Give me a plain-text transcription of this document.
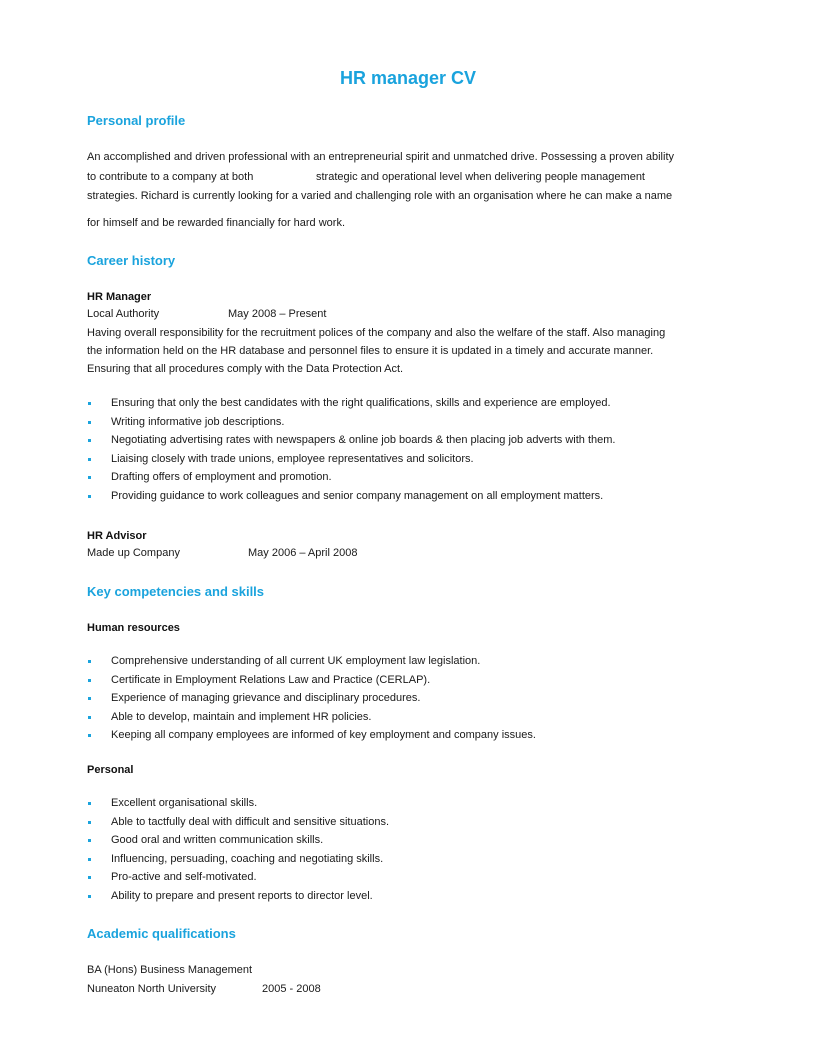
HR manager CV
Personal profile
An accomplished and driven professional with an entrepreneurial spirit and unmatched drive. Possessing a proven ability
to contribute to a company at both	strategic and operational level when delivering people management
strategies. Richard is currently looking for a varied and challenging role with an organisation where he can make a name
for himself and be rewarded financially for hard work.
Career history
HR Manager
Local Authority	May 2008 – Present
Having overall responsibility for the recruitment polices of the company and also the welfare of the staff. Also managing
the information held on the HR database and personnel files to ensure it is updated in a timely and accurate manner.
Ensuring that all procedures comply with the Data Protection Act.
Ensuring that only the best candidates with the right qualifications, skills and experience are employed.
Writing informative job descriptions.
Negotiating advertising rates with newspapers & online job boards & then placing job adverts with them.
Liaising closely with trade unions, employee representatives and solicitors.
Drafting offers of employment and promotion.
Providing guidance to work colleagues and senior company management on all employment matters.
HR Advisor
Made up Company	May 2006 – April 2008
Key competencies and skills
Human resources
Comprehensive understanding of all current UK employment law legislation.
Certificate in Employment Relations Law and Practice (CERLAP).
Experience of managing grievance and disciplinary procedures.
Able to develop, maintain and implement HR policies.
Keeping all company employees are informed of key employment and company issues.
Personal
Excellent organisational skills.
Able to tactfully deal with difficult and sensitive situations.
Good oral and written communication skills.
Influencing, persuading, coaching and negotiating skills.
Pro-active and self-motivated.
Ability to prepare and present reports to director level.
Academic qualifications
BA (Hons) Business Management
Nuneaton North University	2005 - 2008
